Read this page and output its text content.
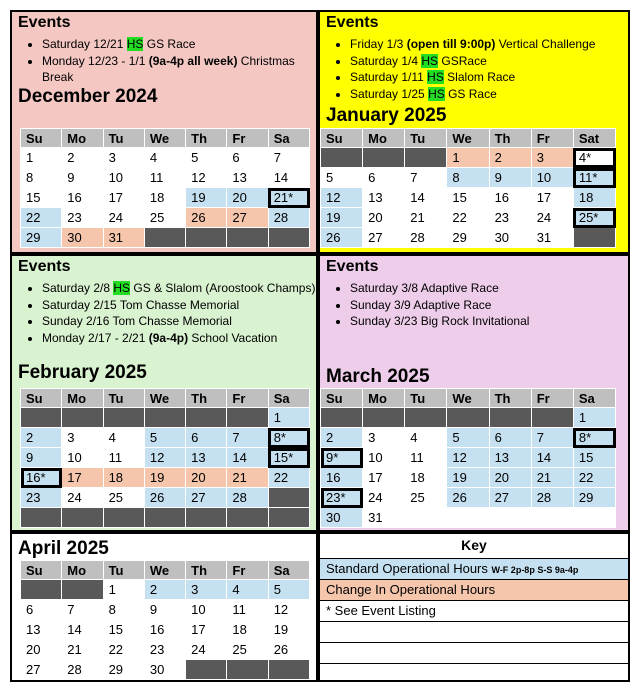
Events
• Saturday 12/21 HS GS Race
• Monday 12/23 - 1/1 (9a-4p all week) Christmas Break
December 2024
Su	Mo	Tu	We	Th	Fr	Sa
1	2	3	4	5	6	7
8	9	10	11	12	13	14
15	16	17	18	19	20	21*
22	23	24	25	26	27	28
29	30	31				
Events
• Friday 1/3 (open till 9:00p) Vertical Challenge
• Saturday 1/4 HS GSRace
• Saturday 1/11 HS Slalom Race
• Saturday 1/25 HS GS Race
January 2025
Su	Mo	Tu	We	Th	Fr	Sat
			1	2	3	4*
5	6	7	8	9	10	11*
12	13	14	15	16	17	18
19	20	21	22	23	24	25*
26	27	28	29	30	31	
Events
• Saturday 2/8 HS GS & Slalom (Aroostook Champs)
• Saturday 2/15 Tom Chasse Memorial
• Sunday 2/16 Tom Chasse Memorial
• Monday 2/17 - 2/21 (9a-4p) School Vacation
February 2025
Su	Mo	Tu	We	Th	Fr	Sa
						1
2	3	4	5	6	7	8*
9	10	11	12	13	14	15*
16*	17	18	19	20	21	22
23	24	25	26	27	28	

Events
• Saturday 3/8 Adaptive Race
• Sunday 3/9 Adaptive Race
• Sunday 3/23 Big Rock Invitational
March 2025
Su	Mo	Tu	We	Th	Fr	Sa
						1
2	3	4	5	6	7	8*
9*	10	11	12	13	14	15
16	17	18	19	20	21	22
23*	24	25	26	27	28	29
30	31					
April 2025
Su	Mo	Tu	We	Th	Fr	Sa
		1	2	3	4	5
6	7	8	9	10	11	12
13	14	15	16	17	18	19
20	21	22	23	24	25	26
27	28	29	30			
Key
Standard Operational Hours W-F 2p-8p S-S 9a-4p
Change In Operational Hours
* See Event Listing
